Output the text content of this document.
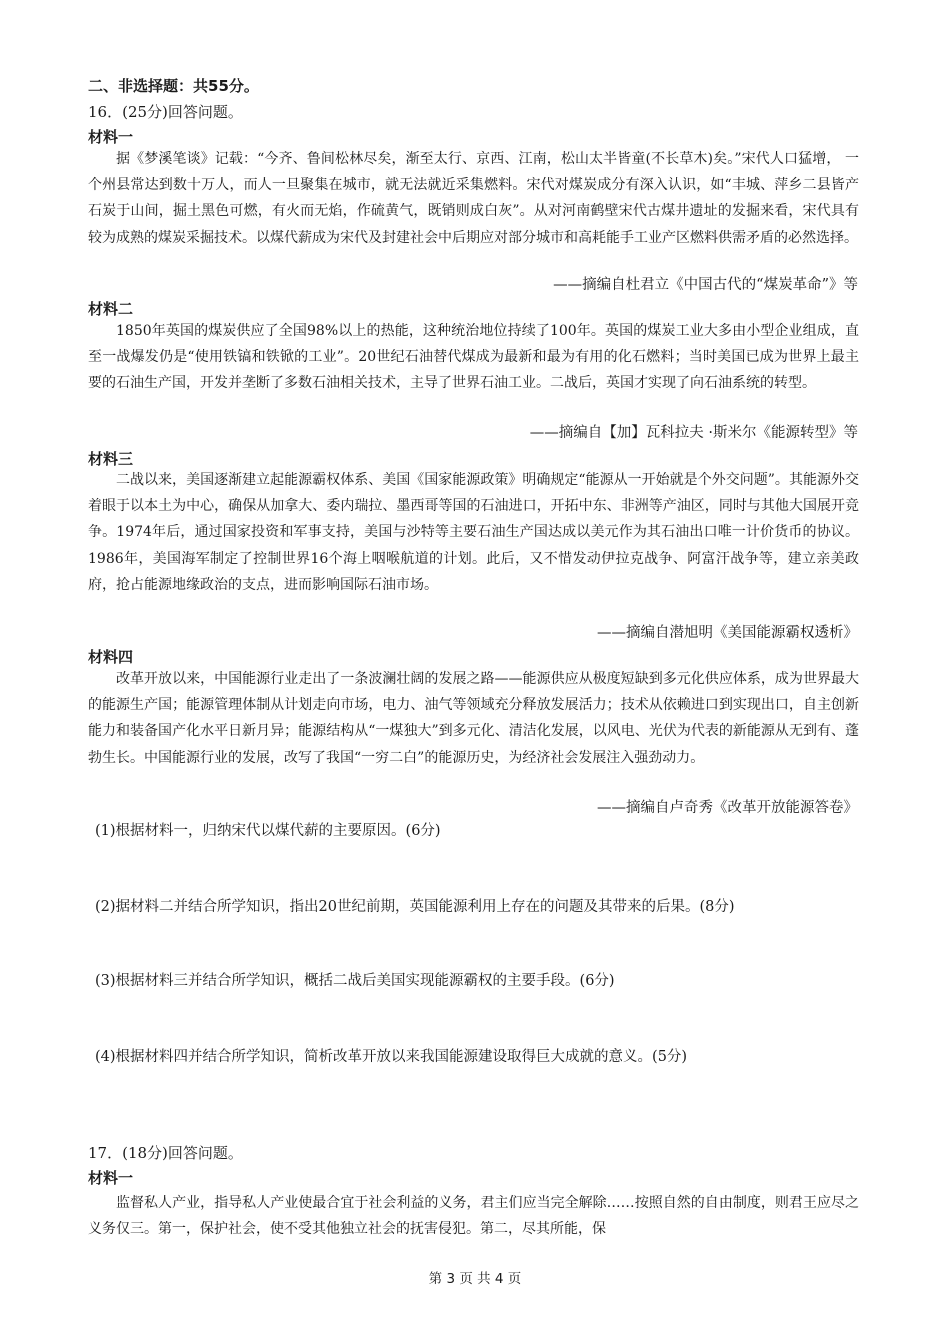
二、非选择题：共55分。
16．(25分)回答问题。
材料一

据《梦溪笔谈》记载：“今齐、鲁间松林尽矣，渐至太行、京西、江南，松山太半皆童(不长草木)矣。”宋代人口猛增， 一个州县常达到数十万人，而人一旦聚集在城市，就无法就近采集燃料。宋代对煤炭成分有深入认识，如“丰城、萍乡二县皆产石炭于山间，掘土黑色可燃，有火而无焰，作硫黄气，既销则成白灰”。从对河南鹤壁宋代古煤井遗址的发掘来看，宋代具有较为成熟的煤炭采掘技术。以煤代薪成为宋代及封建社会中后期应对部分城市和高耗能手工业产区燃料供需矛盾的必然选择。

——摘编自杜君立《中国古代的“煤炭革命”》等
材料二

1850年英国的煤炭供应了全国98%以上的热能，这种统治地位持续了100年。英国的煤炭工业大多由小型企业组成，直至一战爆发仍是“使用铁镐和铁锨的工业”。20世纪石油替代煤成为最新和最为有用的化石燃料；当时美国已成为世界上最主要的石油生产国，开发并垄断了多数石油相关技术，主导了世界石油工业。二战后，英国才实现了向石油系统的转型。

——摘编自【加】瓦科拉夫 ·斯米尔《能源转型》等
材料三

二战以来，美国逐渐建立起能源霸权体系、美国《国家能源政策》明确规定“能源从一开始就是个外交问题”。其能源外交着眼于以本土为中心，确保从加拿大、委内瑞拉、墨西哥等国的石油进口，开拓中东、非洲等产油区，同时与其他大国展开竞争。1974年后，通过国家投资和军事支持，美国与沙特等主要石油生产国达成以美元作为其石油出口唯一计价货币的协议。1986年，美国海军制定了控制世界16个海上咽喉航道的计划。此后，又不惜发动伊拉克战争、阿富汗战争等，建立亲美政府，抢占能源地缘政治的支点，进而影响国际石油市场。

——摘编自潜旭明《美国能源霸权透析》
材料四

改革开放以来，中国能源行业走出了一条波澜壮阔的发展之路——能源供应从极度短缺到多元化供应体系，成为世界最大的能源生产国；能源管理体制从计划走向市场，电力、油气等领域充分释放发展活力；技术从依赖进口到实现出口，自主创新能力和装备国产化水平日新月异；能源结构从“一煤独大”到多元化、清洁化发展，以风电、光伏为代表的新能源从无到有、蓬勃生长。中国能源行业的发展，改写了我国“一穷二白”的能源历史，为经济社会发展注入强劲动力。

——摘编自卢奇秀《改革开放能源答卷》
(1)根据材料一，归纳宋代以煤代薪的主要原因。(6分)
(2)据材料二并结合所学知识，指出20世纪前期，英国能源利用上存在的问题及其带来的后果。(8分)
(3)根据材料三并结合所学知识，概括二战后美国实现能源霸权的主要手段。(6分)
(4)根据材料四并结合所学知识，简析改革开放以来我国能源建设取得巨大成就的意义。(5分)
17．(18分)回答问题。
材料一

监督私人产业，指导私人产业使最合宜于社会利益的义务，君主们应当完全解除……按照自然的自由制度，则君王应尽之义务仅三。第一，保护社会，使不受其他独立社会的抚害侵犯。第二，尽其所能，保

第 3 页 共 4 页
